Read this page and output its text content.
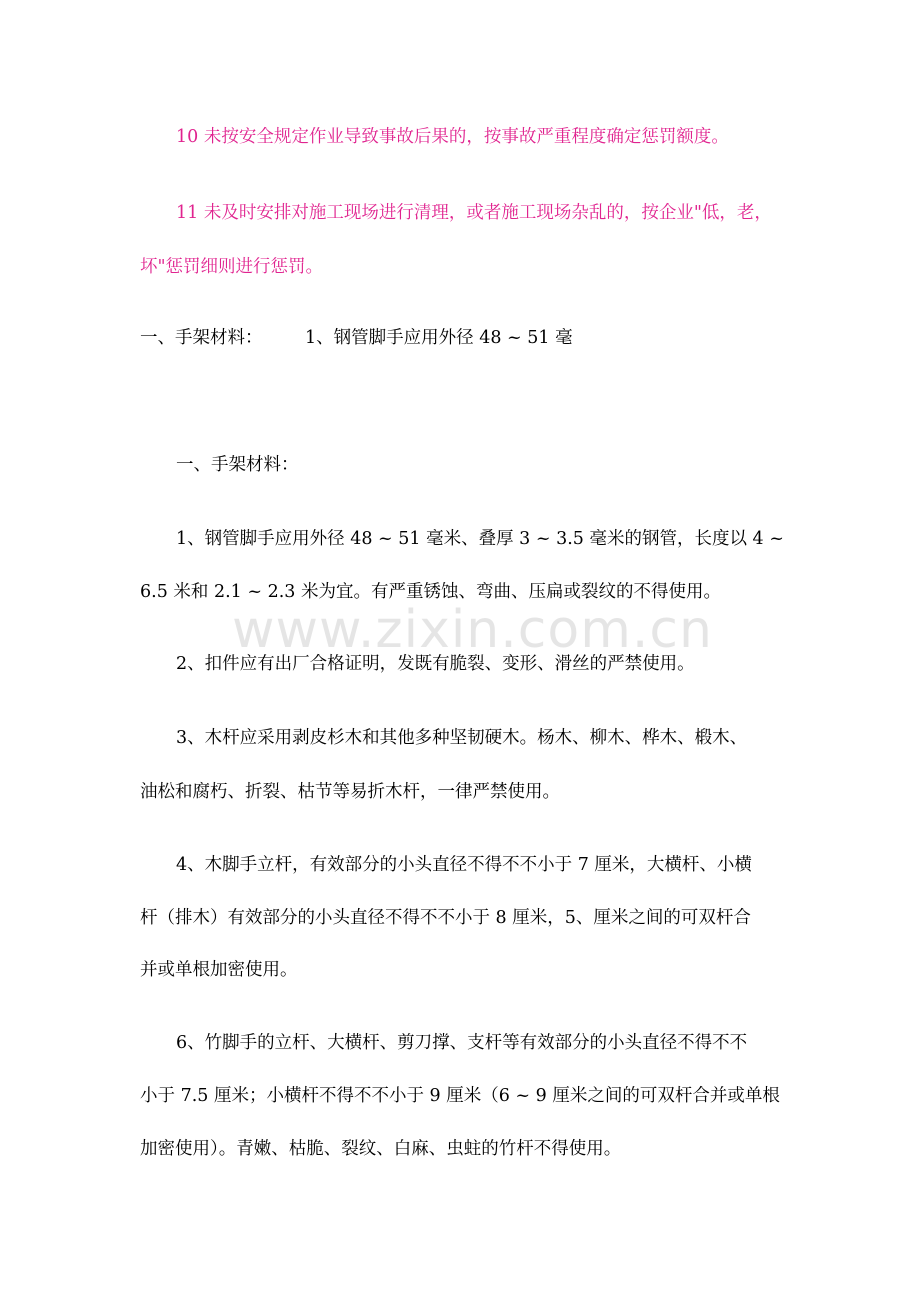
10 未按安全规定作业导致事故后果的，按事故严重程度确定惩罚额度。
11 未及时安排对施工现场进行清理，或者施工现场杂乱的，按企业"低，老，
坏"惩罚细则进行惩罚。
一、手架材料： 1、钢管脚手应用外径 48 ~ 51 毫
一、手架材料：
1、钢管脚手应用外径 48 ~ 51 毫米、叠厚 3 ~ 3.5 毫米的钢管，长度以 4 ~
6.5 米和 2.1 ~ 2.3 米为宜。有严重锈蚀、弯曲、压扁或裂纹的不得使用。
2、扣件应有出厂合格证明，发既有脆裂、变形、滑丝的严禁使用。
3、木杆应采用剥皮杉木和其他多种坚韧硬木。杨木、柳木、桦木、椴木、
油松和腐朽、折裂、枯节等易折木杆，一律严禁使用。
4、木脚手立杆，有效部分的小头直径不得不不小于 7 厘米，大横杆、小横
杆（排木）有效部分的小头直径不得不不小于 8 厘米，5、厘米之间的可双杆合
并或单根加密使用。
6、竹脚手的立杆、大横杆、剪刀撑、支杆等有效部分的小头直径不得不不
小于 7.5 厘米；小横杆不得不不小于 9 厘米（6 ~ 9 厘米之间的可双杆合并或单根
加密使用）。青嫩、枯脆、裂纹、白麻、虫蛀的竹杆不得使用。
www.zixin.com.cn
